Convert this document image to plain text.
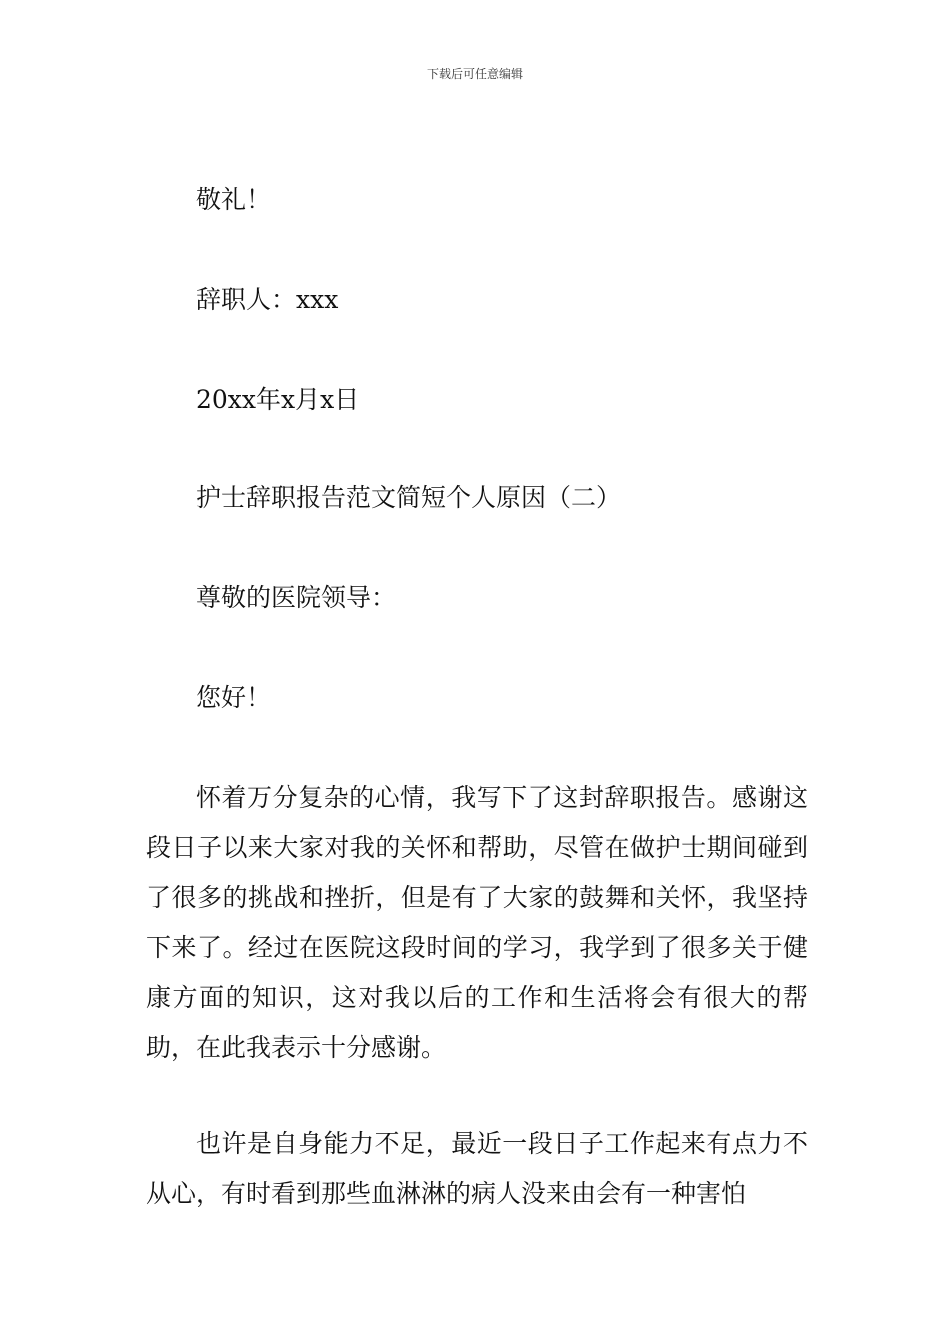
下载后可任意编辑
敬礼！
辞职人：xxx
20xx年x月x日
护士辞职报告范文简短个人原因（二）
尊敬的医院领导：
您好！

怀着万分复杂的心情，我写下了这封辞职报告。感谢这段日子以来大家对我的关怀和帮助，尽管在做护士期间碰到了很多的挑战和挫折，但是有了大家的鼓舞和关怀，我坚持下来了。经过在医院这段时间的学习，我学到了很多关于健康方面的知识，这对我以后的工作和生活将会有很大的帮助，在此我表示十分感谢。

也许是自身能力不足，最近一段日子工作起来有点力不从心，有时看到那些血淋淋的病人没来由会有一种害怕
